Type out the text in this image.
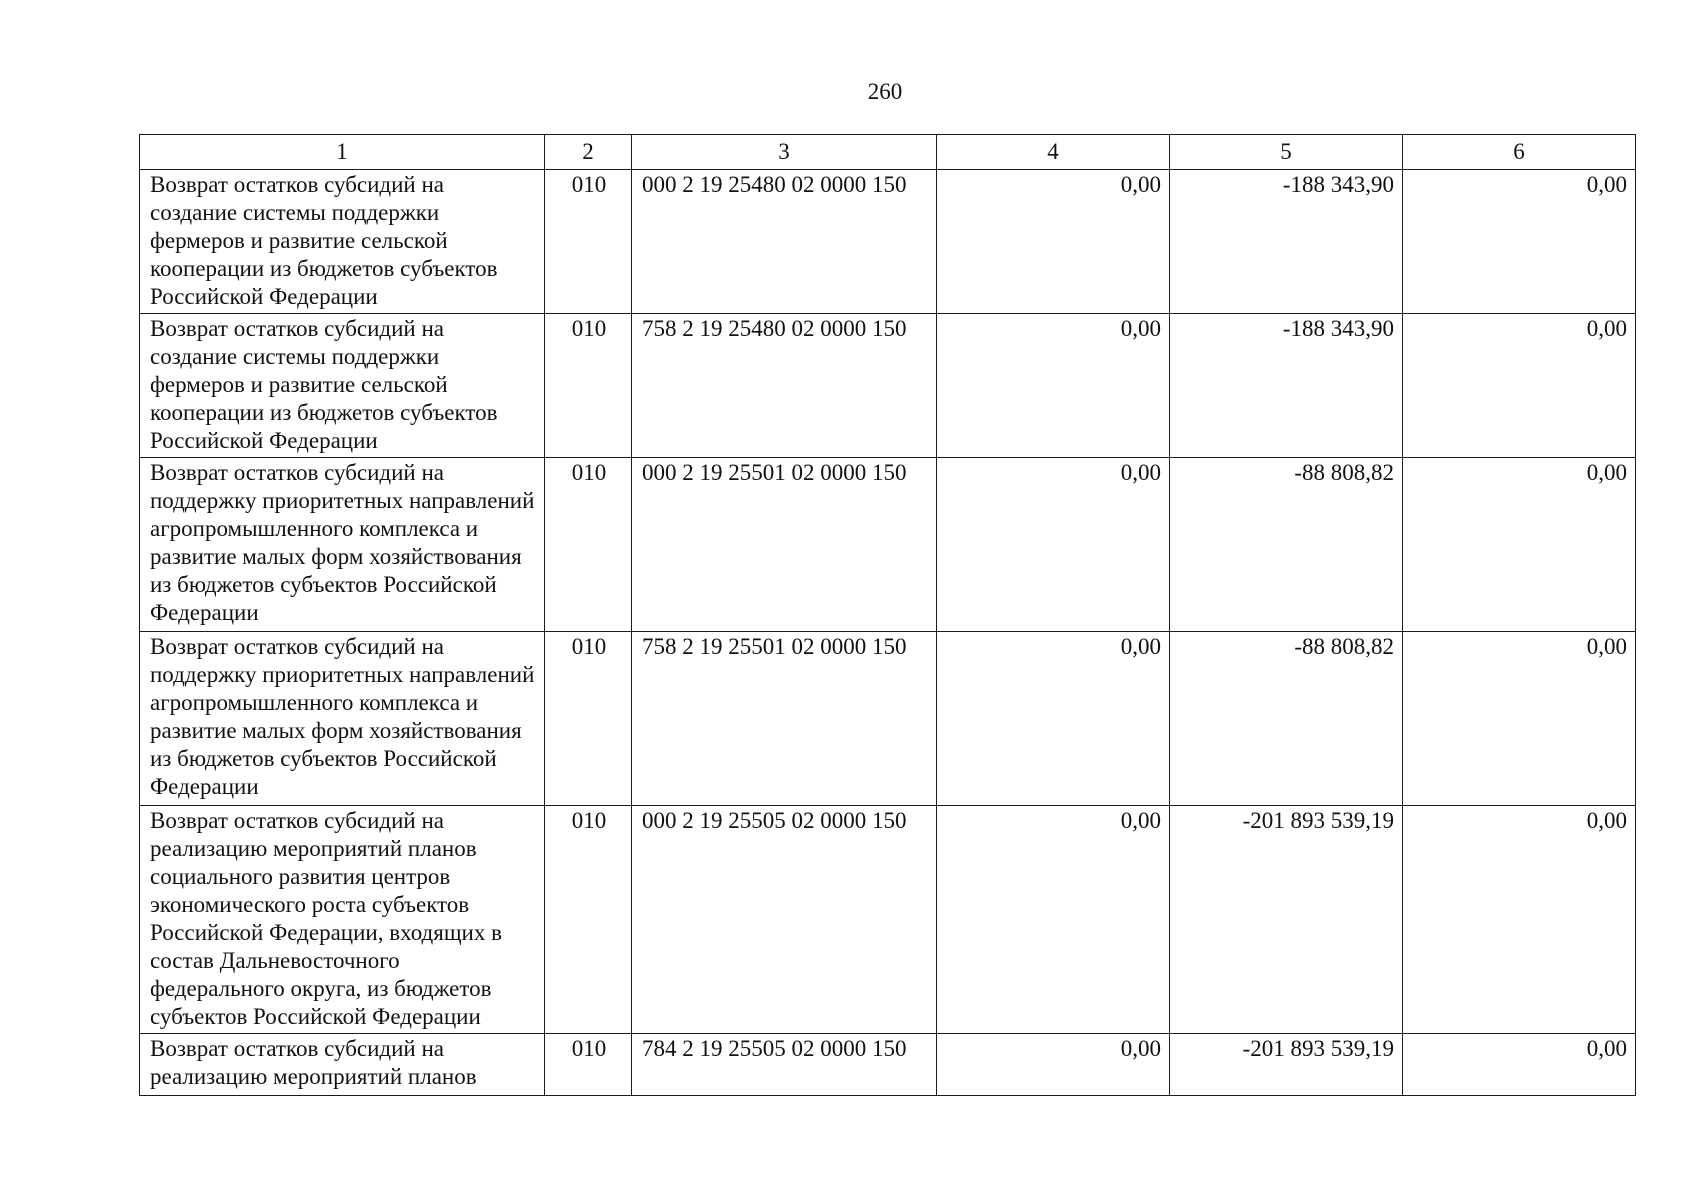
260
1	2	3	4	5	6
Возврат остатков субсидий на создание системы поддержки фермеров и развитие сельской кооперации из бюджетов субъектов Российской Федерации	010	000 2 19 25480 02 0000 150	0,00	-188 343,90	0,00
Возврат остатков субсидий на создание системы поддержки фермеров и развитие сельской кооперации из бюджетов субъектов Российской Федерации	010	758 2 19 25480 02 0000 150	0,00	-188 343,90	0,00
Возврат остатков субсидий на поддержку приоритетных направлений агропромышленного комплекса и развитие малых форм хозяйствования из бюджетов субъектов Российской Федерации	010	000 2 19 25501 02 0000 150	0,00	-88 808,82	0,00
Возврат остатков субсидий на поддержку приоритетных направлений агропромышленного комплекса и развитие малых форм хозяйствования из бюджетов субъектов Российской Федерации	010	758 2 19 25501 02 0000 150	0,00	-88 808,82	0,00
Возврат остатков субсидий на реализацию мероприятий планов социального развития центров экономического роста субъектов Российской Федерации, входящих в состав Дальневосточного федерального округа, из бюджетов субъектов Российской Федерации	010	000 2 19 25505 02 0000 150	0,00	-201 893 539,19	0,00
Возврат остатков субсидий на реализацию мероприятий планов	010	784 2 19 25505 02 0000 150	0,00	-201 893 539,19	0,00
